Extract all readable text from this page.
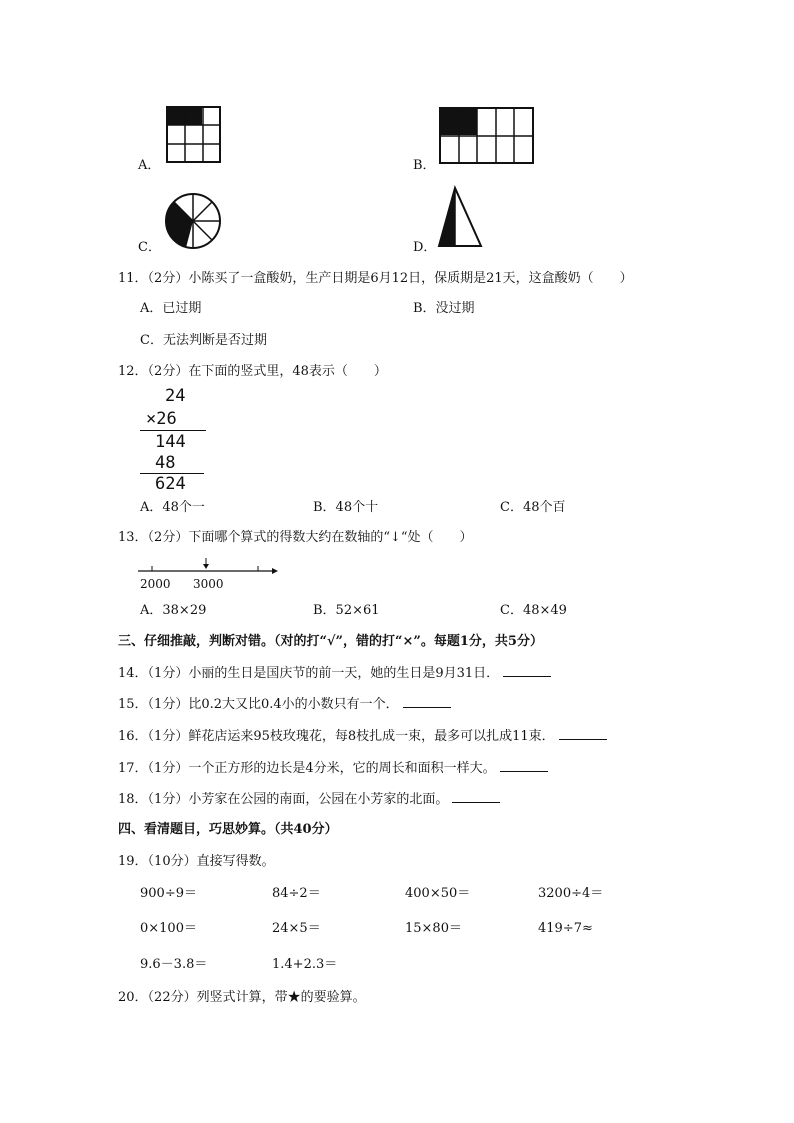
A．	B．
C．	D．
11．（2分）小陈买了一盒酸奶，生产日期是6月12日，保质期是21天，这盒酸奶（　　）
A．已过期	B．没过期
C．无法判断是否过期
12．（2分）在下面的竖式里，48表示（　　）
24
×26
144
48
624
A．48个一	B．48个十	C．48个百
13．（2分）下面哪个算式的得数大约在数轴的“↓“处（　　）
2000 3000
A．38×29	B．52×61	C．48×49
三、仔细推敲，判断对错。（对的打“√”，错的打“×”。每题1分，共5分）
14．（1分）小丽的生日是国庆节的前一天，她的生日是9月31日．
15．（1分）比0.2大又比0.4小的小数只有一个．
16．（1分）鲜花店运来95枝玫瑰花，每8枝扎成一束，最多可以扎成11束．
17．（1分）一个正方形的边长是4分米，它的周长和面积一样大。
18．（1分）小芳家在公园的南面，公园在小芳家的北面。
四、看清题目，巧思妙算。（共40分）
19．（10分）直接写得数。
900÷9＝	84÷2＝	400×50＝	3200÷4＝
0×100＝	24×5＝	15×80＝	419÷7≈
9.6－3.8＝	1.4+2.3＝
20．（22分）列竖式计算，带★的要验算。
